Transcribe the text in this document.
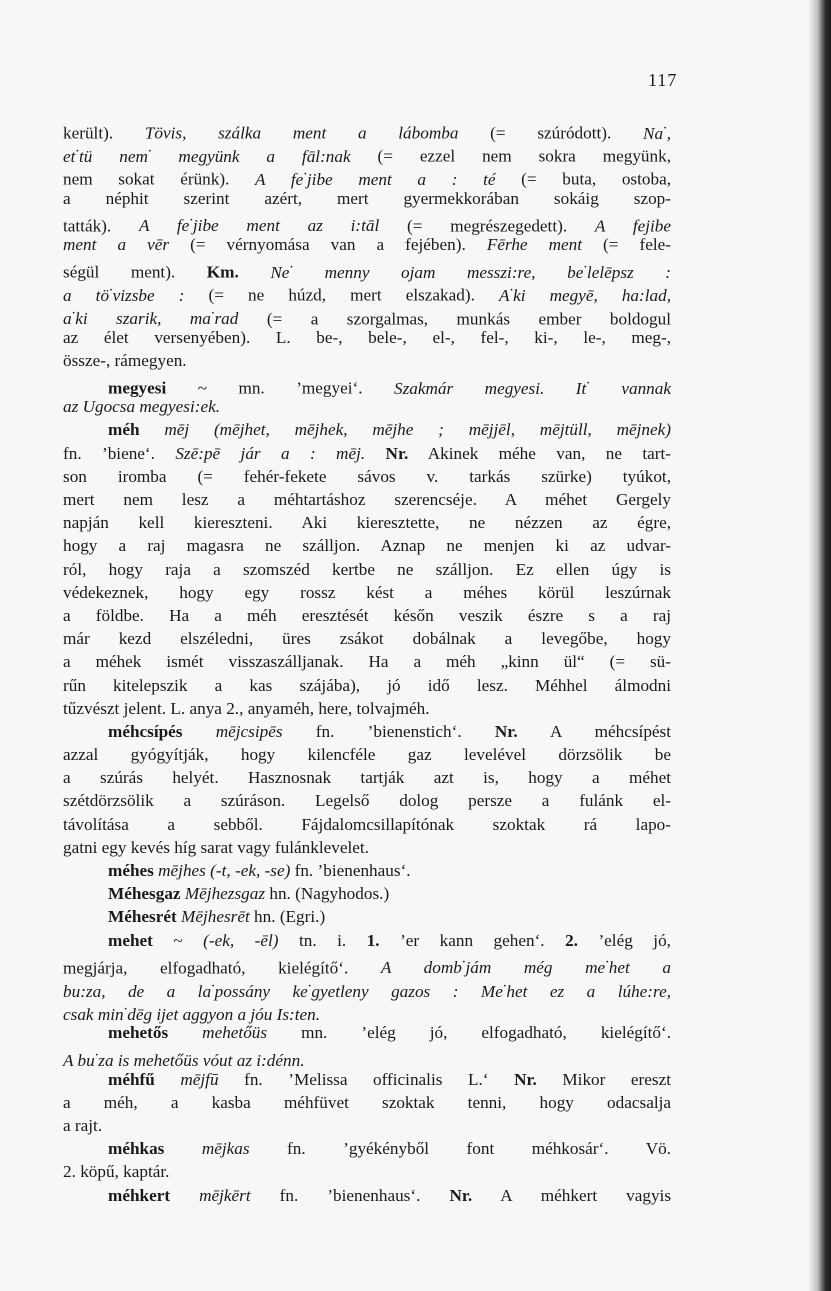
117
került). Tövis, szálka ment a lábomba (= szúródott). Na·,
et·tü nem· megyünk a fāl:nak (= ezzel nem sokra megyünk,
nem sokat érünk). A fe·jibe ment a : té (= buta, ostoba,
a néphit szerint azért, mert gyermekkorában sokáig szop-
tatták). A fe·jibe ment az i:tāl (= megrészegedett). A fejibe
ment a vēr (= vérnyomása van a fejében). Fērhe ment (= fele-
ségül ment). Km. Ne· menny ojam messzi:re, be·lelēpsz :
a tö·vizsbe : (= ne húzd, mert elszakad). A·ki megyē, ha:lad,
a·ki szarik, ma·rad (= a szorgalmas, munkás ember boldogul
az élet versenyében). L. be-, bele-, el-, fel-, ki-, le-, meg-,
össze-, rámegyen.
megyesi ~ mn. ’megyei‘. Szakmár megyesi. It· vannak
az Ugocsa megyesi:ek.
méh mēj (mējhet, mējhek, mējhe ; mējjēl, mējtüll, mējnek)
fn. ’biene‘. Szē:pē jár a : mēj. Nr. Akinek méhe van, ne tart-
son iromba (= fehér-fekete sávos v. tarkás szürke) tyúkot,
mert nem lesz a méhtartáshoz szerencséje. A méhet Gergely
napján kell kiereszteni. Aki kieresztette, ne nézzen az égre,
hogy a raj magasra ne szálljon. Aznap ne menjen ki az udvar-
ról, hogy raja a szomszéd kertbe ne szálljon. Ez ellen úgy is
védekeznek, hogy egy rossz kést a méhes körül leszúrnak
a földbe. Ha a méh eresztését későn veszik észre s a raj
már kezd elszéledni, üres zsákot dobálnak a levegőbe, hogy
a méhek ismét visszaszálljanak. Ha a méh „kinn ül“ (= sü-
rűn kitelepszik a kas szájába), jó idő lesz. Méhhel álmodni
tűzvészt jelent. L. anya 2., anyaméh, here, tolvajméh.
méhcsípés mējcsipēs fn. ’bienenstich‘. Nr. A méhcsípést
azzal gyógyítják, hogy kilencféle gaz levelével dörzsölik be
a szúrás helyét. Hasznosnak tartják azt is, hogy a méhet
szétdörzsölik a szúráson. Legelső dolog persze a fulánk el-
távolítása a sebből. Fájdalomcsillapítónak szoktak rá lapo-
gatni egy kevés híg sarat vagy fulánklevelet.
méhes mējhes (-t, -ek, -se) fn. ’bienenhaus‘.
Méhesgaz Mējhezsgaz hn. (Nagyhodos.)
Méhesrét Mējhesrēt hn. (Egri.)
mehet ~ (-ek, -ēl) tn. i. 1. ’er kann gehen‘. 2. ’elég jó,
megjárja, elfogadható, kielégítő‘. A domb·jám még me·het a
bu:za, de a la·possány ke·gyetleny gazos : Me·het ez a lúhe:re,
csak min·dēg ijet aggyon a jóu Is:ten.
mehetős mehetőüs mn. ’elég jó, elfogadható, kielégítő‘.
A bu·za is mehetőüs vóut az i:dénn.
méhfű mējfū fn. ’Melissa officinalis L.‘ Nr. Mikor ereszt
a méh, a kasba méhfüvet szoktak tenni, hogy odacsalja
a rajt.
méhkas mējkas fn. ’gyékényből font méhkosár‘. Vö.
2. köpű, kaptár.
méhkert mējkērt fn. ’bienenhaus‘. Nr. A méhkert vagyis
